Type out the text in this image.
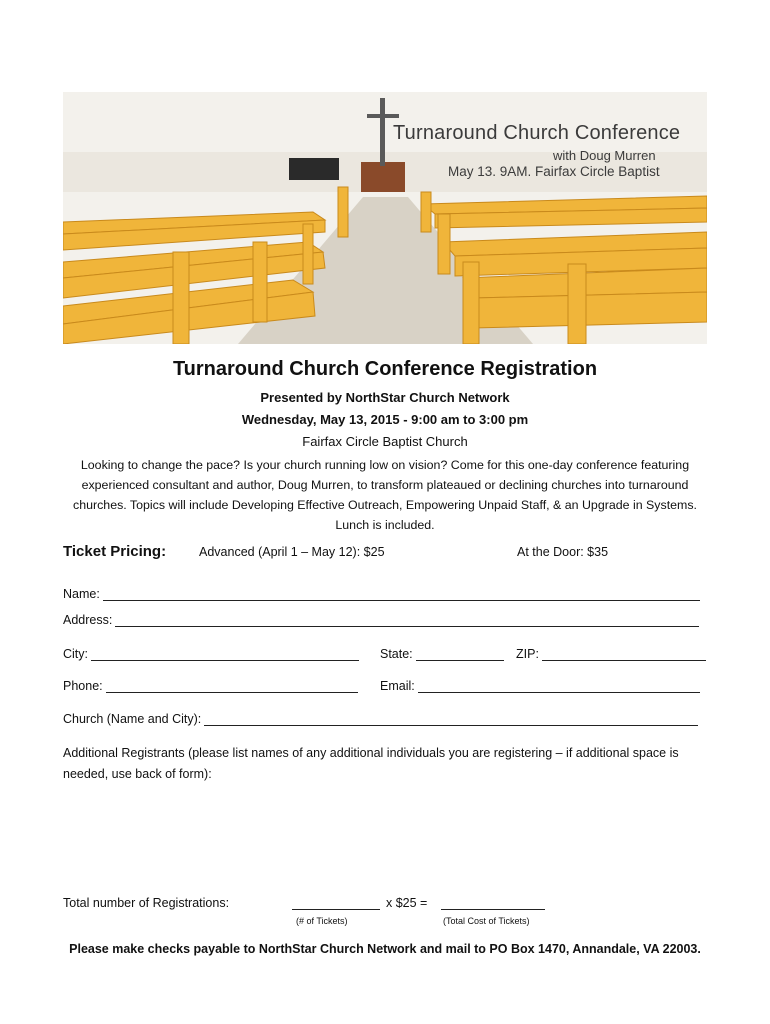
Turnaround Church Conference
with Doug Murren
May 13. 9AM. Fairfax Circle Baptist
Turnaround Church Conference Registration
Presented by NorthStar Church Network
Wednesday, May 13, 2015 - 9:00 am to 3:00 pm
Fairfax Circle Baptist Church
Looking to change the pace? Is your church running low on vision? Come for this one-day conference featuring experienced consultant and author, Doug Murren, to transform plateaued or declining churches into turnaround churches. Topics will include Developing Effective Outreach, Empowering Unpaid Staff, & an Upgrade in Systems. Lunch is included.
Ticket Pricing:	Advanced (April 1 – May 12): $25	At the Door: $35
Name:
Address:
City:	State:	ZIP:
Phone:	Email:
Church (Name and City):
Additional Registrants (please list names of any additional individuals you are registering – if additional space is needed, use back of form):
Total number of Registrations:	x $25 =
(# of Tickets)	(Total Cost of Tickets)
Please make checks payable to NorthStar Church Network and mail to PO Box 1470, Annandale, VA 22003.
